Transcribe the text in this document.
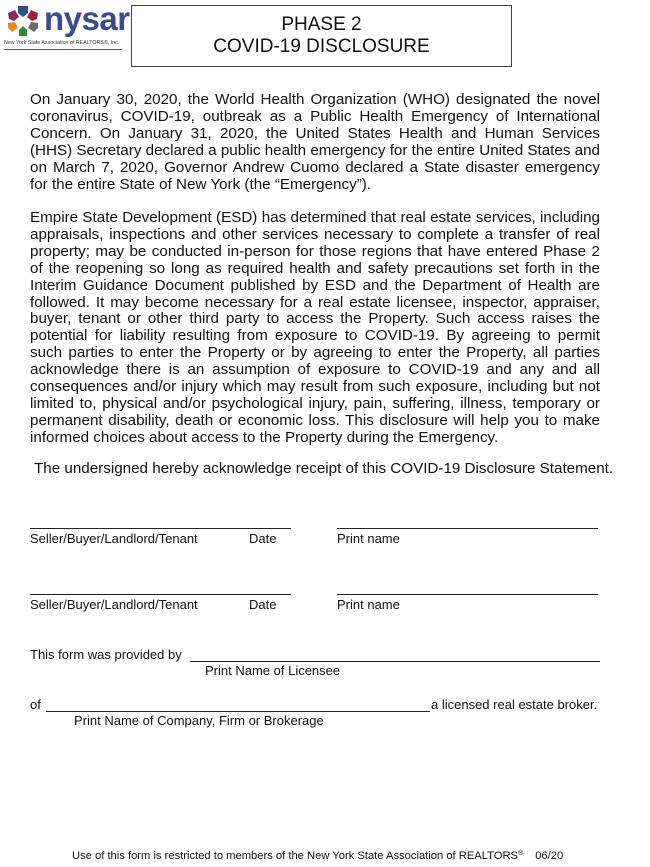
nysar
New York State Association of REALTORS®, Inc.
PHASE 2
COVID-19 DISCLOSURE

On January 30, 2020, the World Health Organization (WHO) designated the novel coronavirus, COVID-19, outbreak as a Public Health Emergency of International Concern. On January 31, 2020, the United States Health and Human Services (HHS) Secretary declared a public health emergency for the entire United States and on March 7, 2020, Governor Andrew Cuomo declared a State disaster emergency for the entire State of New York (the “Emergency”).

Empire State Development (ESD) has determined that real estate services, including appraisals, inspections and other services necessary to complete a transfer of real property; may be conducted in-person for those regions that have entered Phase 2 of the reopening so long as required health and safety precautions set forth in the Interim Guidance Document published by ESD and the Department of Health are followed. It may become necessary for a real estate licensee, inspector, appraiser, buyer, tenant or other third party to access the Property. Such access raises the potential for liability resulting from exposure to COVID-19. By agreeing to permit such parties to enter the Property or by agreeing to enter the Property, all parties acknowledge there is an assumption of exposure to COVID-19 and any and all consequences and/or injury which may result from such exposure, including but not limited to, physical and/or psychological injury, pain, suffering, illness, temporary or permanent disability, death or economic loss. This disclosure will help you to make informed choices about access to the Property during the Emergency.

The undersigned hereby acknowledge receipt of this COVID-19 Disclosure Statement.
Seller/Buyer/Landlord/Tenant	Date	Print name
Seller/Buyer/Landlord/Tenant	Date	Print name
This form was provided by
Print Name of Licensee
of	a licensed real estate broker.
Print Name of Company, Firm or Brokerage
Use of this form is restricted to members of the New York State Association of REALTORS® 06/20
